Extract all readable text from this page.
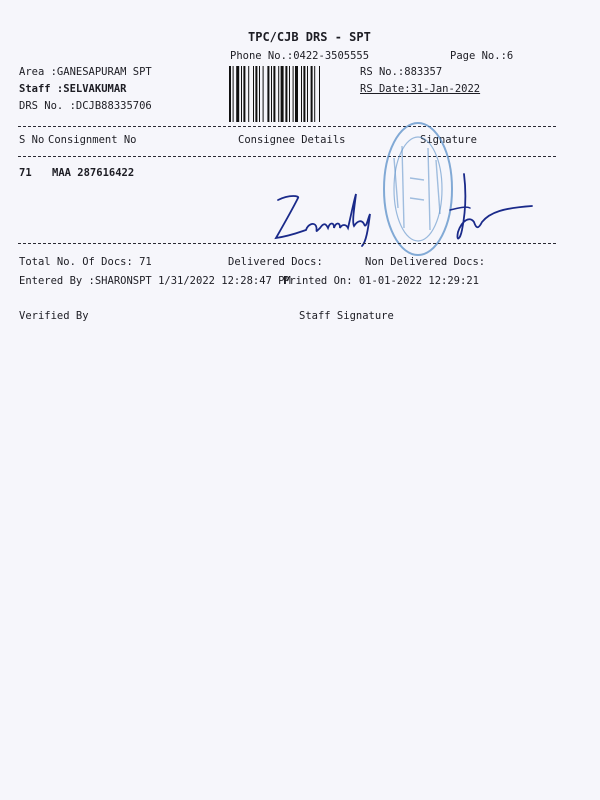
TPC/CJB DRS - SPT
Phone No.:0422-3505555	Page No.:6
Area :GANESAPURAM SPT
Staff :SELVAKUMAR
DRS No. :DCJB88335706
RS No.:883357
RS Date:31-Jan-2022
S No Consignment No	Consignee Details	Signature
71 MAA 287616422
Total No. Of Docs: 71	Delivered Docs:	Non Delivered Docs:
Entered By :SHARONSPT 1/31/2022 12:28:47 PM
Printed On: 01-01-2022 12:29:21
Verified By	Staff Signature
